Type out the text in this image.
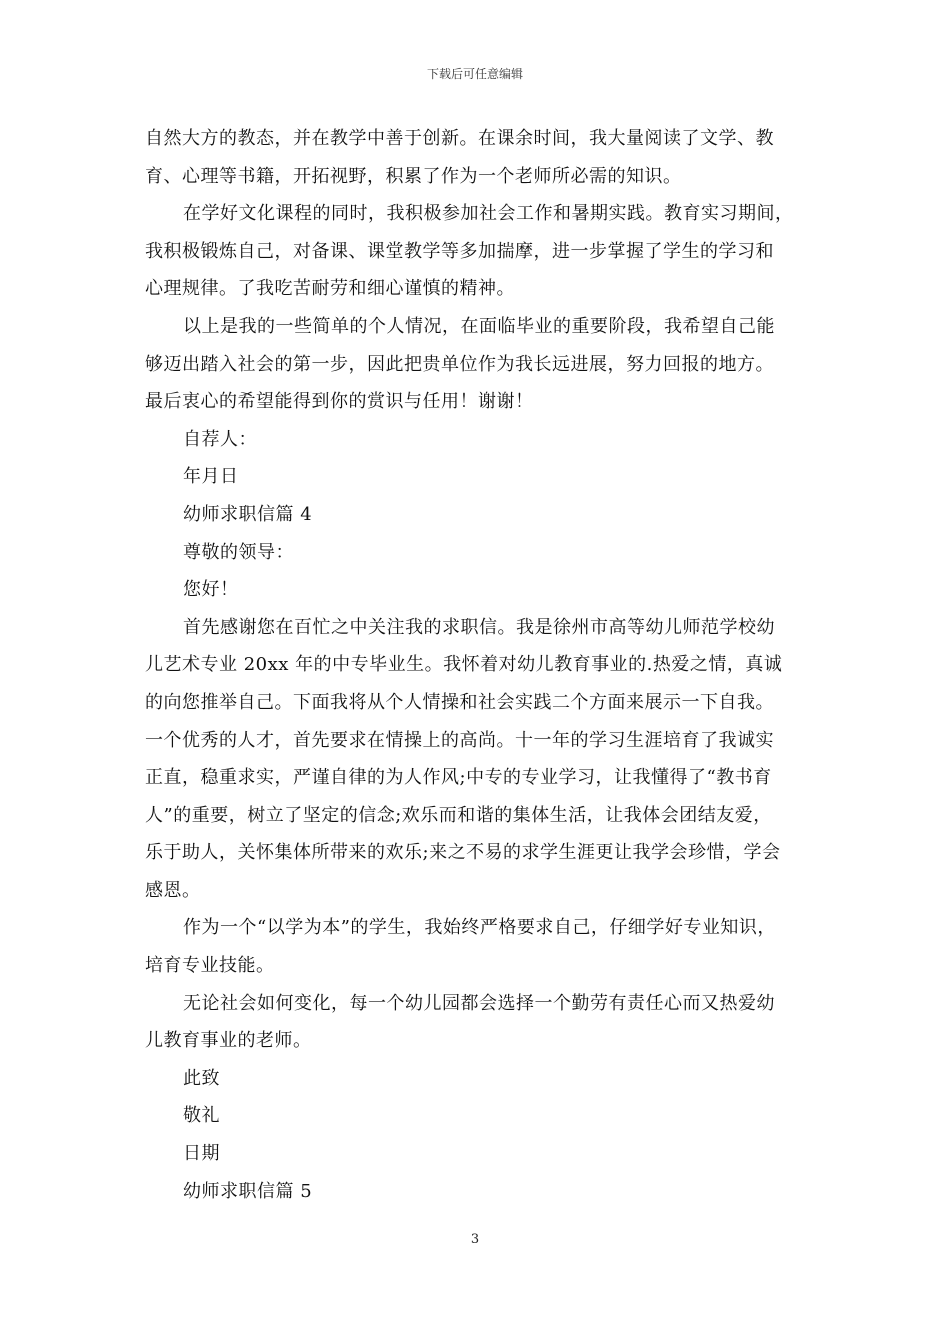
下载后可任意编辑
自然大方的教态，并在教学中善于创新。在课余时间，我大量阅读了文学、教
育、心理等书籍，开拓视野，积累了作为一个老师所必需的知识。
在学好文化课程的同时，我积极参加社会工作和暑期实践。教育实习期间，
我积极锻炼自己，对备课、课堂教学等多加揣摩，进一步掌握了学生的学习和
心理规律。了我吃苦耐劳和细心谨慎的精神。
以上是我的一些简单的个人情况，在面临毕业的重要阶段，我希望自己能
够迈出踏入社会的第一步，因此把贵单位作为我长远进展，努力回报的地方。
最后衷心的希望能得到你的赏识与任用！谢谢！
自荐人：
年月日
幼师求职信篇 4
尊敬的领导：
您好！
首先感谢您在百忙之中关注我的求职信。我是徐州市高等幼儿师范学校幼
儿艺术专业 20xx 年的中专毕业生。我怀着对幼儿教育事业的.热爱之情，真诚
的向您推举自己。下面我将从个人情操和社会实践二个方面来展示一下自我。
一个优秀的人才，首先要求在情操上的高尚。十一年的学习生涯培育了我诚实
正直，稳重求实，严谨自律的为人作风;中专的专业学习，让我懂得了“教书育
人”的重要，树立了坚定的信念;欢乐而和谐的集体生活，让我体会团结友爱，
乐于助人，关怀集体所带来的欢乐;来之不易的求学生涯更让我学会珍惜，学会
感恩。
作为一个“以学为本”的学生，我始终严格要求自己，仔细学好专业知识，
培育专业技能。
无论社会如何变化，每一个幼儿园都会选择一个勤劳有责任心而又热爱幼
儿教育事业的老师。
此致
敬礼
日期
幼师求职信篇 5
3
